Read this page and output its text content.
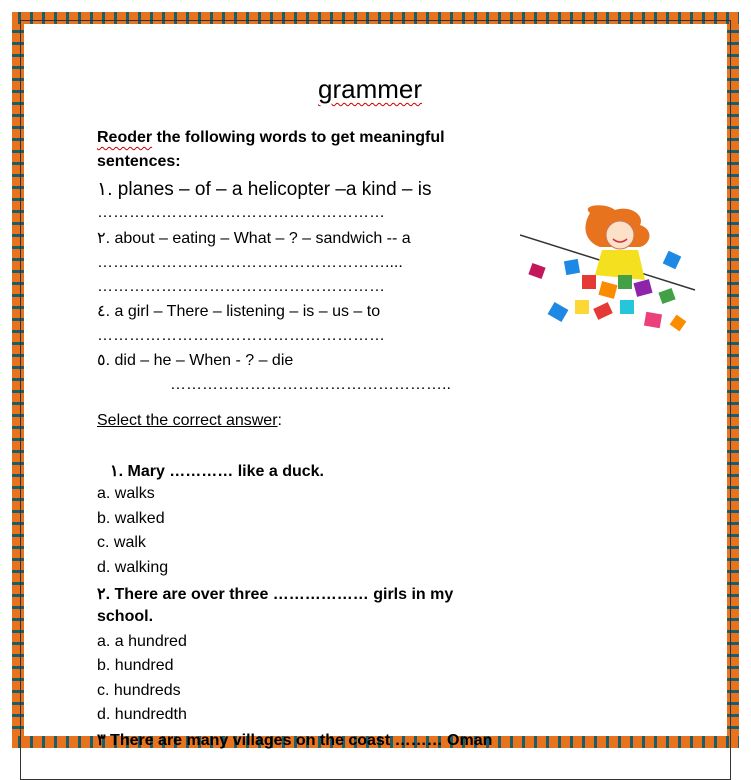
grammer
Reoder the following words to get meaningful
sentences:
١. planes – of – a helicopter –a kind – is
………………………………………………
٢. about – eating – What – ? – sandwich -- a
………………………………………………....
………………………………………………
٤. a girl – There – listening – is – us – to
………………………………………………
٥. did – he – When - ? – die
……………………………………………..
Select the correct answer:
١. Mary ………… like a duck.
a. walks
b. walked
c. walk
d. walking
٢. There are over three ……………… girls in my
school.
a. a hundred
b. hundred
c. hundreds
d. hundredth
٣ There are many villages on the coast ……… Oman
